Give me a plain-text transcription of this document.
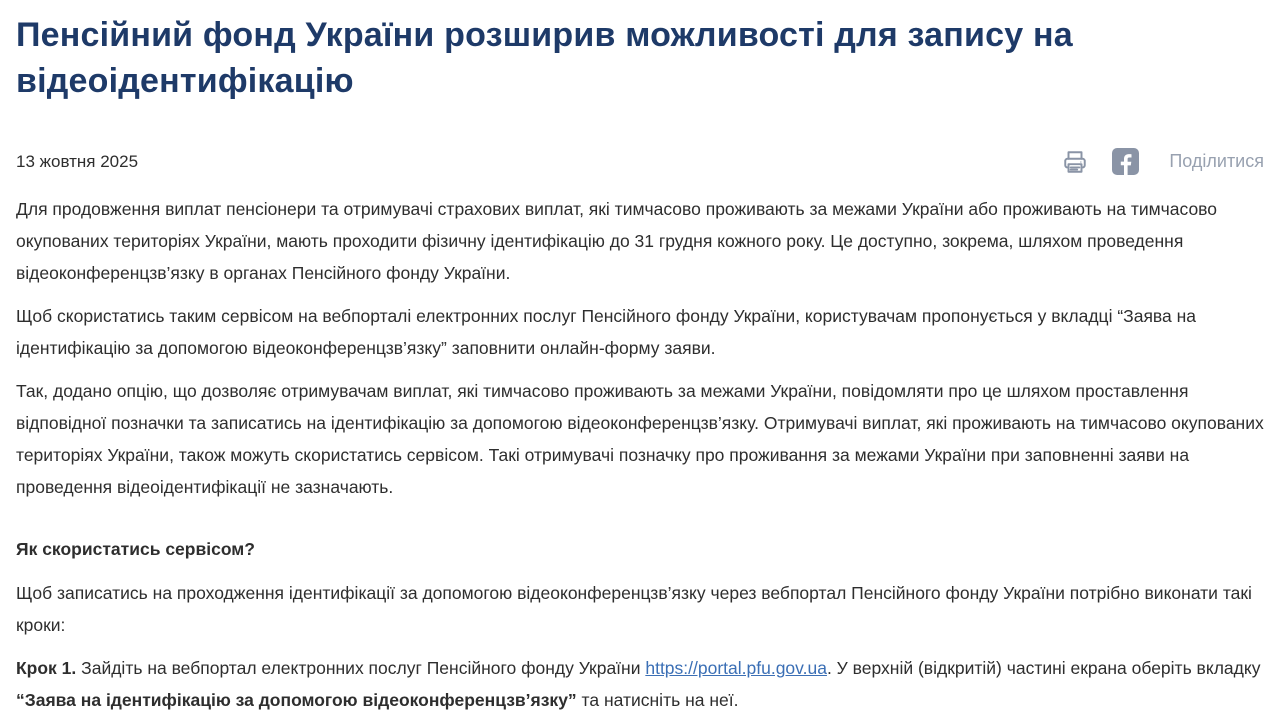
Пенсійний фонд України розширив можливості для запису на відеоідентифікацію
13 жовтня 2025	Поділитися

Для продовження виплат пенсіонери та отримувачі страхових виплат, які тимчасово проживають за межами України або проживають на тимчасово окупованих територіях України, мають проходити фізичну ідентифікацію до 31 грудня кожного року. Це доступно, зокрема, шляхом проведення відеоконференцзв’язку в органах Пенсійного фонду України.

Щоб скористатись таким сервісом на вебпорталі електронних послуг Пенсійного фонду України, користувачам пропонується у вкладці “Заява на ідентифікацію за допомогою відеоконференцзв’язку” заповнити онлайн-форму заяви.

Так, додано опцію, що дозволяє отримувачам виплат, які тимчасово проживають за межами України, повідомляти про це шляхом проставлення відповідної позначки та записатись на ідентифікацію за допомогою відеоконференцзв’язку. Отримувачі виплат, які проживають на тимчасово окупованих територіях України, також можуть скористатись сервісом. Такі отримувачі позначку про проживання за межами України при заповненні заяви на проведення відеоідентифікації не зазначають.

Як скористатись сервісом?

Щоб записатись на проходження ідентифікації за допомогою відеоконференцзв’язку через вебпортал Пенсійного фонду України потрібно виконати такі кроки:

Крок 1. Зайдіть на вебпортал електронних послуг Пенсійного фонду України https://portal.pfu.gov.ua. У верхній (відкритій) частині екрана оберіть вкладку “Заява на ідентифікацію за допомогою відеоконференцзв’язку” та натисніть на неї.
